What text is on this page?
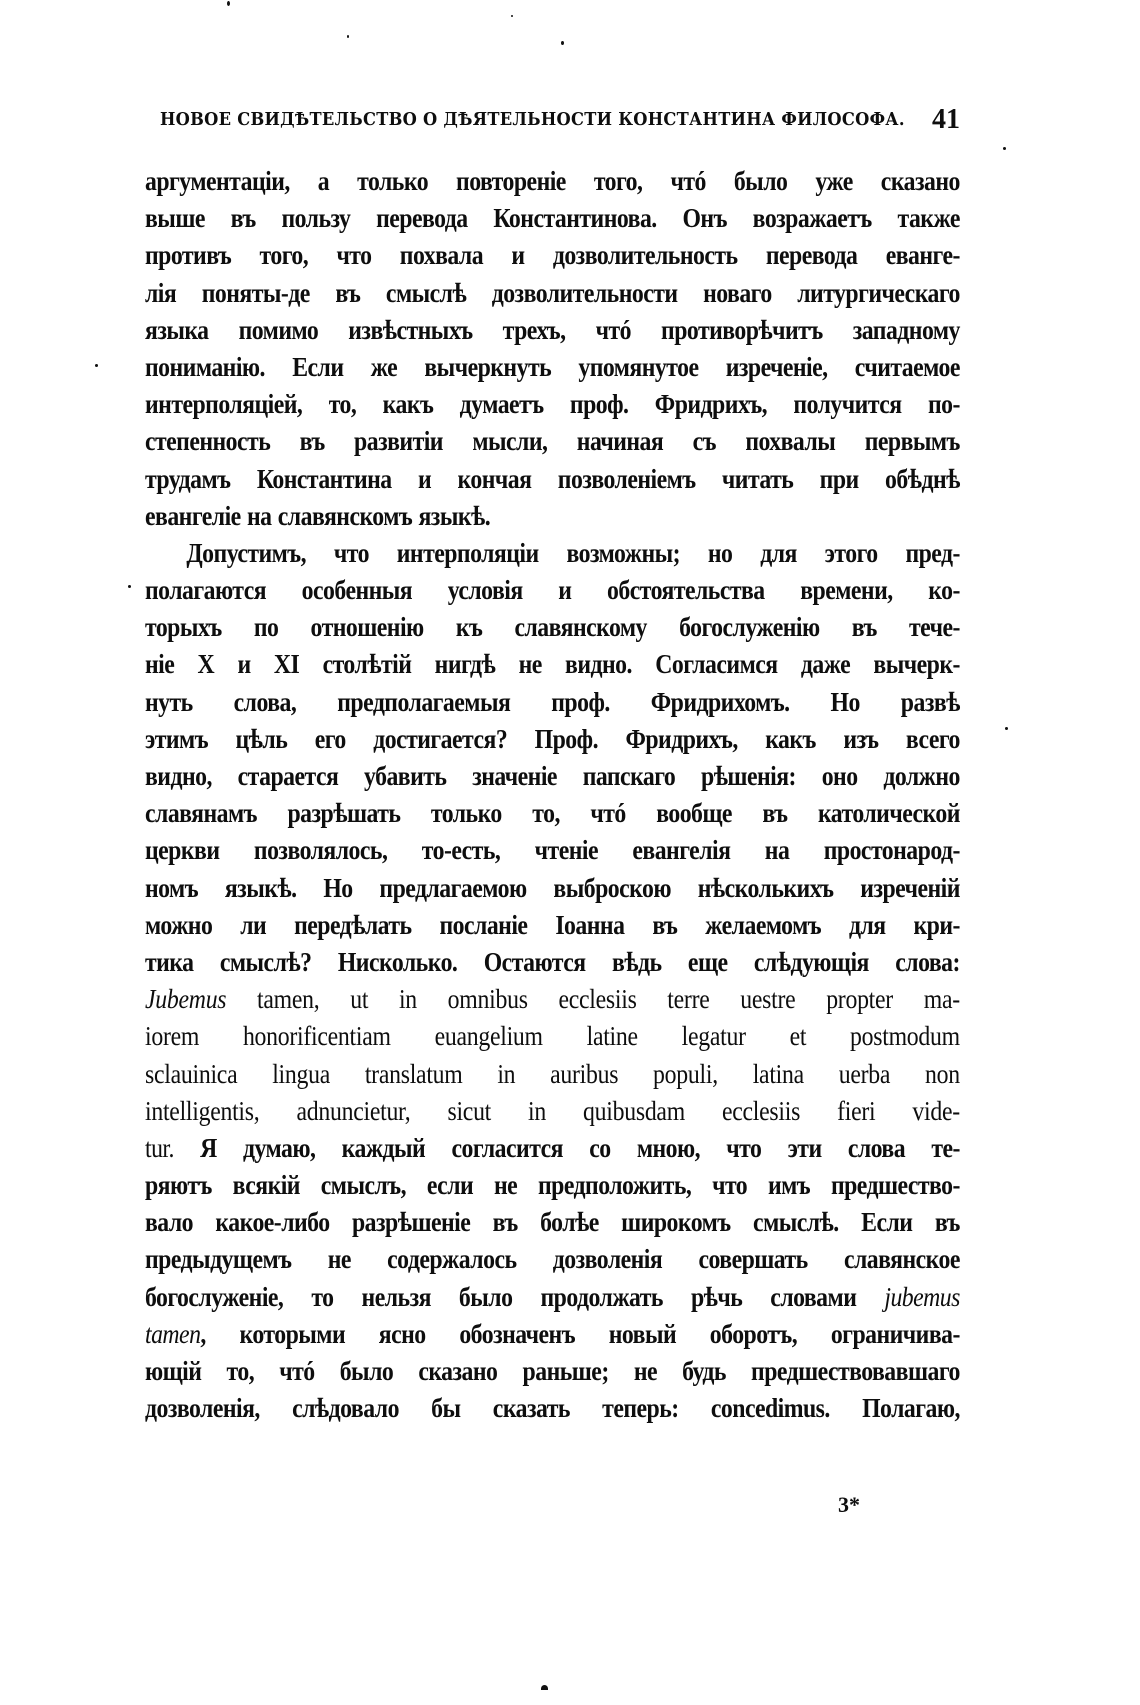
НОВОЕ СВИДѢТЕЛЬСТВО О ДѢЯТЕЛЬНОСТИ КОНСТАНТИНА ФИЛОСОФА. 41
аргументаціи, а только повтореніе того, чтó было уже сказано
выше въ пользу перевода Константинова. Онъ возражаетъ также
противъ того, что похвала и дозволительность перевода еванге-
лія поняты-де въ смыслѣ дозволительности новаго литургическаго
языка помимо извѣстныхъ трехъ, чтó противорѣчитъ западному
пониманію. Если же вычеркнуть упомянутое изреченіе, считаемое
интерполяціей, то, какъ думаетъ проф. Фридрихъ, получится по-
степенность въ развитіи мысли, начиная съ похвалы первымъ
трудамъ Константина и кончая позволеніемъ читать при обѣднѣ
евангеліе на славянскомъ языкѣ.
Допустимъ, что интерполяціи возможны; но для этого пред-
полагаются особенныя условія и обстоятельства времени, ко-
торыхъ по отношенію къ славянскому богослуженію въ тече-
ніе X и XI столѣтій нигдѣ не видно. Согласимся даже вычерк-
нуть слова, предполагаемыя проф. Фридрихомъ. Но развѣ
этимъ цѣль его достигается? Проф. Фридрихъ, какъ изъ всего
видно, старается убавить значеніе папскаго рѣшенія: оно должно
славянамъ разрѣшать только то, чтó вообще въ католической
церкви позволялось, то-есть, чтеніе евангелія на простонарод-
номъ языкѣ. Но предлагаемою выброскою нѣсколькихъ изреченій
можно ли передѣлать посланіе Іоанна въ желаемомъ для кри-
тика смыслѣ? Нисколько. Остаются вѣдь еще слѣдующія слова:
Jubemus tamen, ut in omnibus ecclesiis terre uestre propter ma-
iorem honorificentiam euangelium latine legatur et postmodum
sclauinica lingua translatum in auribus populi, latina uerba non
intelligentis, adnuncietur, sicut in quibusdam ecclesiis fieri vide-
tur. Я думаю, каждый согласится со мною, что эти слова те-
ряютъ всякій смыслъ, если не предположить, что имъ предшество-
вало какое-либо разрѣшеніе въ болѣе широкомъ смыслѣ. Если въ
предыдущемъ не содержалось дозволенія совершать славянское
богослуженіе, то нельзя было продолжать рѣчь словами jubemus
tamen, которыми ясно обозначенъ новый оборотъ, ограничива-
ющій то, чтó было сказано раньше; не будь предшествовавшаго
дозволенія, слѣдовало бы сказать теперь: concedimus. Полагаю,
3*
